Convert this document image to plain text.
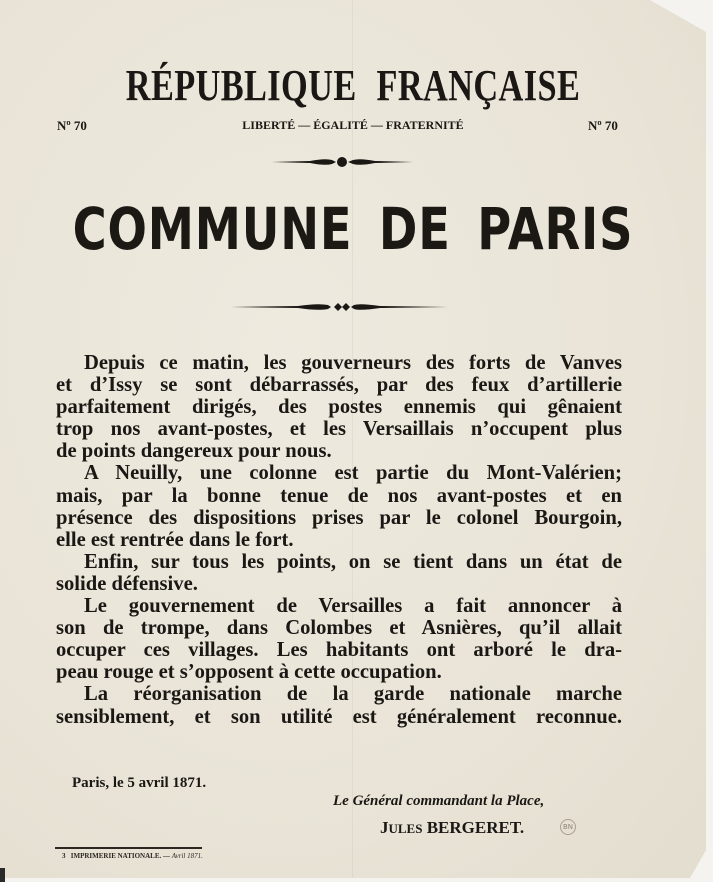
RÉPUBLIQUE FRANÇAISE
Nº 70	LIBERTÉ — ÉGALITÉ — FRATERNITÉ	Nº 70
COMMUNE DE PARIS

Depuis ce matin, les gouverneurs des forts de Vanves
et d’Issy se sont débarrassés, par des feux d’artillerie
parfaitement dirigés, des postes ennemis qui gênaient
trop nos avant-postes, et les Versaillais n’occupent plus
de points dangereux pour nous.

A Neuilly, une colonne est partie du Mont-Valérien;
mais, par la bonne tenue de nos avant-postes et en
présence des dispositions prises par le colonel Bourgoin,
elle est rentrée dans le fort.

Enfin, sur tous les points, on se tient dans un état de
solide défensive.

Le gouvernement de Versailles a fait annoncer à
son de trompe, dans Colombes et Asnières, qu’il allait
occuper ces villages. Les habitants ont arboré le dra-
peau rouge et s’opposent à cette occupation.

La réorganisation de la garde nationale marche
sensiblement, et son utilité est généralement reconnue.

Paris, le 5 avril 1871.
Le Général commandant la Place,
JULES BERGERET.	BN
3 IMPRIMERIE NATIONALE. — Avril 1871.
